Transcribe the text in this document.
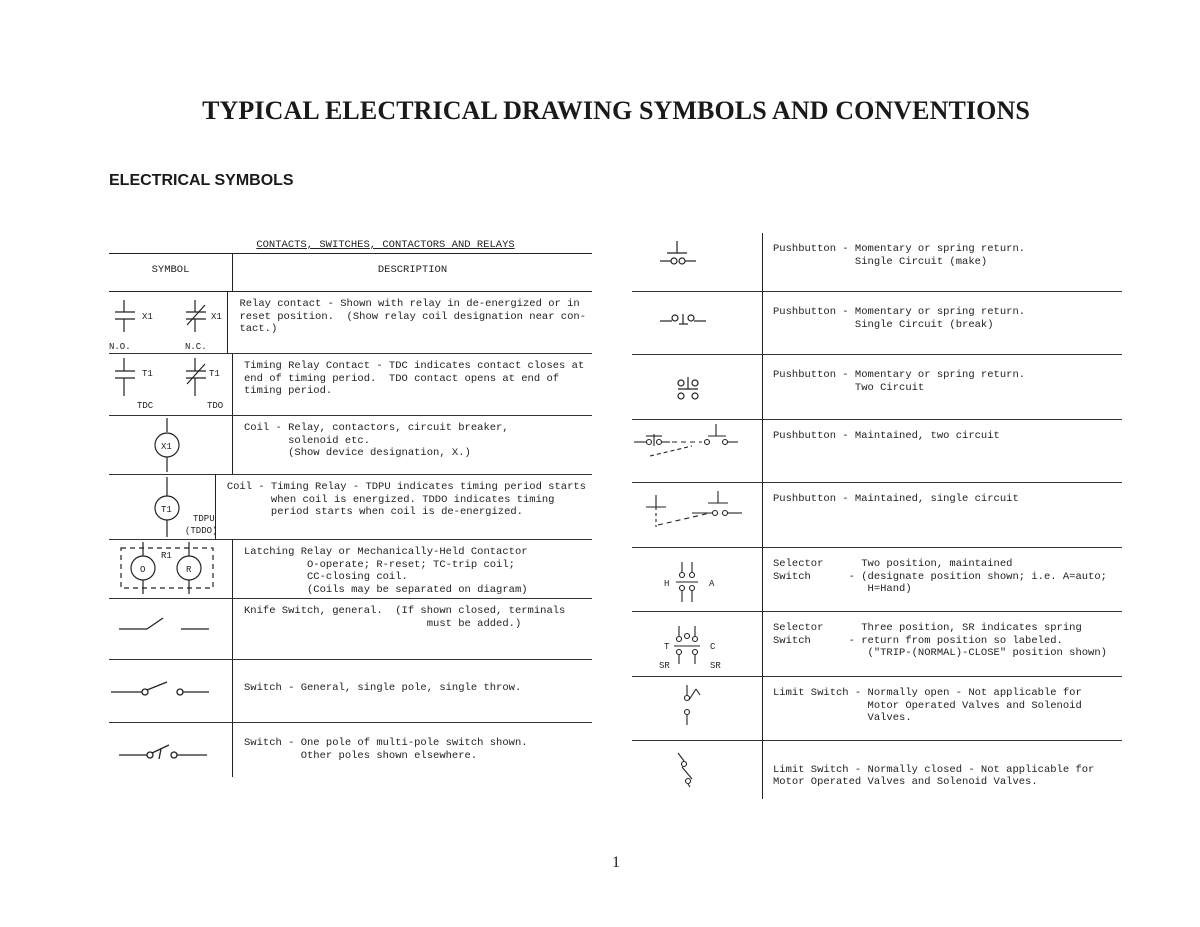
TYPICAL ELECTRICAL DRAWING SYMBOLS AND CONVENTIONS
ELECTRICAL SYMBOLS
CONTACTS, SWITCHES, CONTACTORS AND RELAYS
SYMBOL	DESCRIPTION
X1	X1
N.O.	N.C.
Relay contact - Shown with relay in de-energized or in
reset position.  (Show relay coil designation near con-
tact.)
T1	T1
TDC	TDO
Timing Relay Contact - TDC indicates contact closes at
end of timing period.  TDO contact opens at end of
timing period.
X1
Coil - Relay, contactors, circuit breaker,
solenoid etc.
(Show device designation, X.)
T1
TDPU
(TDDO)
Coil - Timing Relay - TDPU indicates timing period starts
when coil is energized. TDDO indicates timing
period starts when coil is de-energized.
R1
O	R
Latching Relay or Mechanically-Held Contactor
O-operate; R-reset; TC-trip coil;
CC-closing coil.
(Coils may be separated on diagram)
Knife Switch, general.  (If shown closed, terminals
must be added.)
Switch - General, single pole, single throw.
Switch - One pole of multi-pole switch shown.
Other poles shown elsewhere.
Pushbutton - Momentary or spring return.
Single Circuit (make)
Pushbutton - Momentary or spring return.
Single Circuit (break)
Pushbutton - Momentary or spring return.
Two Circuit
Pushbutton - Maintained, two circuit
Pushbutton - Maintained, single circuit
H	A
Selector      Two position, maintained
Switch      - (designate position shown; i.e. A=auto;
H=Hand)
T	C
SR	SR
Selector      Three position, SR indicates spring
Switch      - return from position so labeled.
("TRIP-(NORMAL)-CLOSE" position shown)
Limit Switch - Normally open - Not applicable for
Motor Operated Valves and Solenoid
Valves.

Limit Switch - Normally closed - Not applicable for
Motor Operated Valves and Solenoid Valves.
1
